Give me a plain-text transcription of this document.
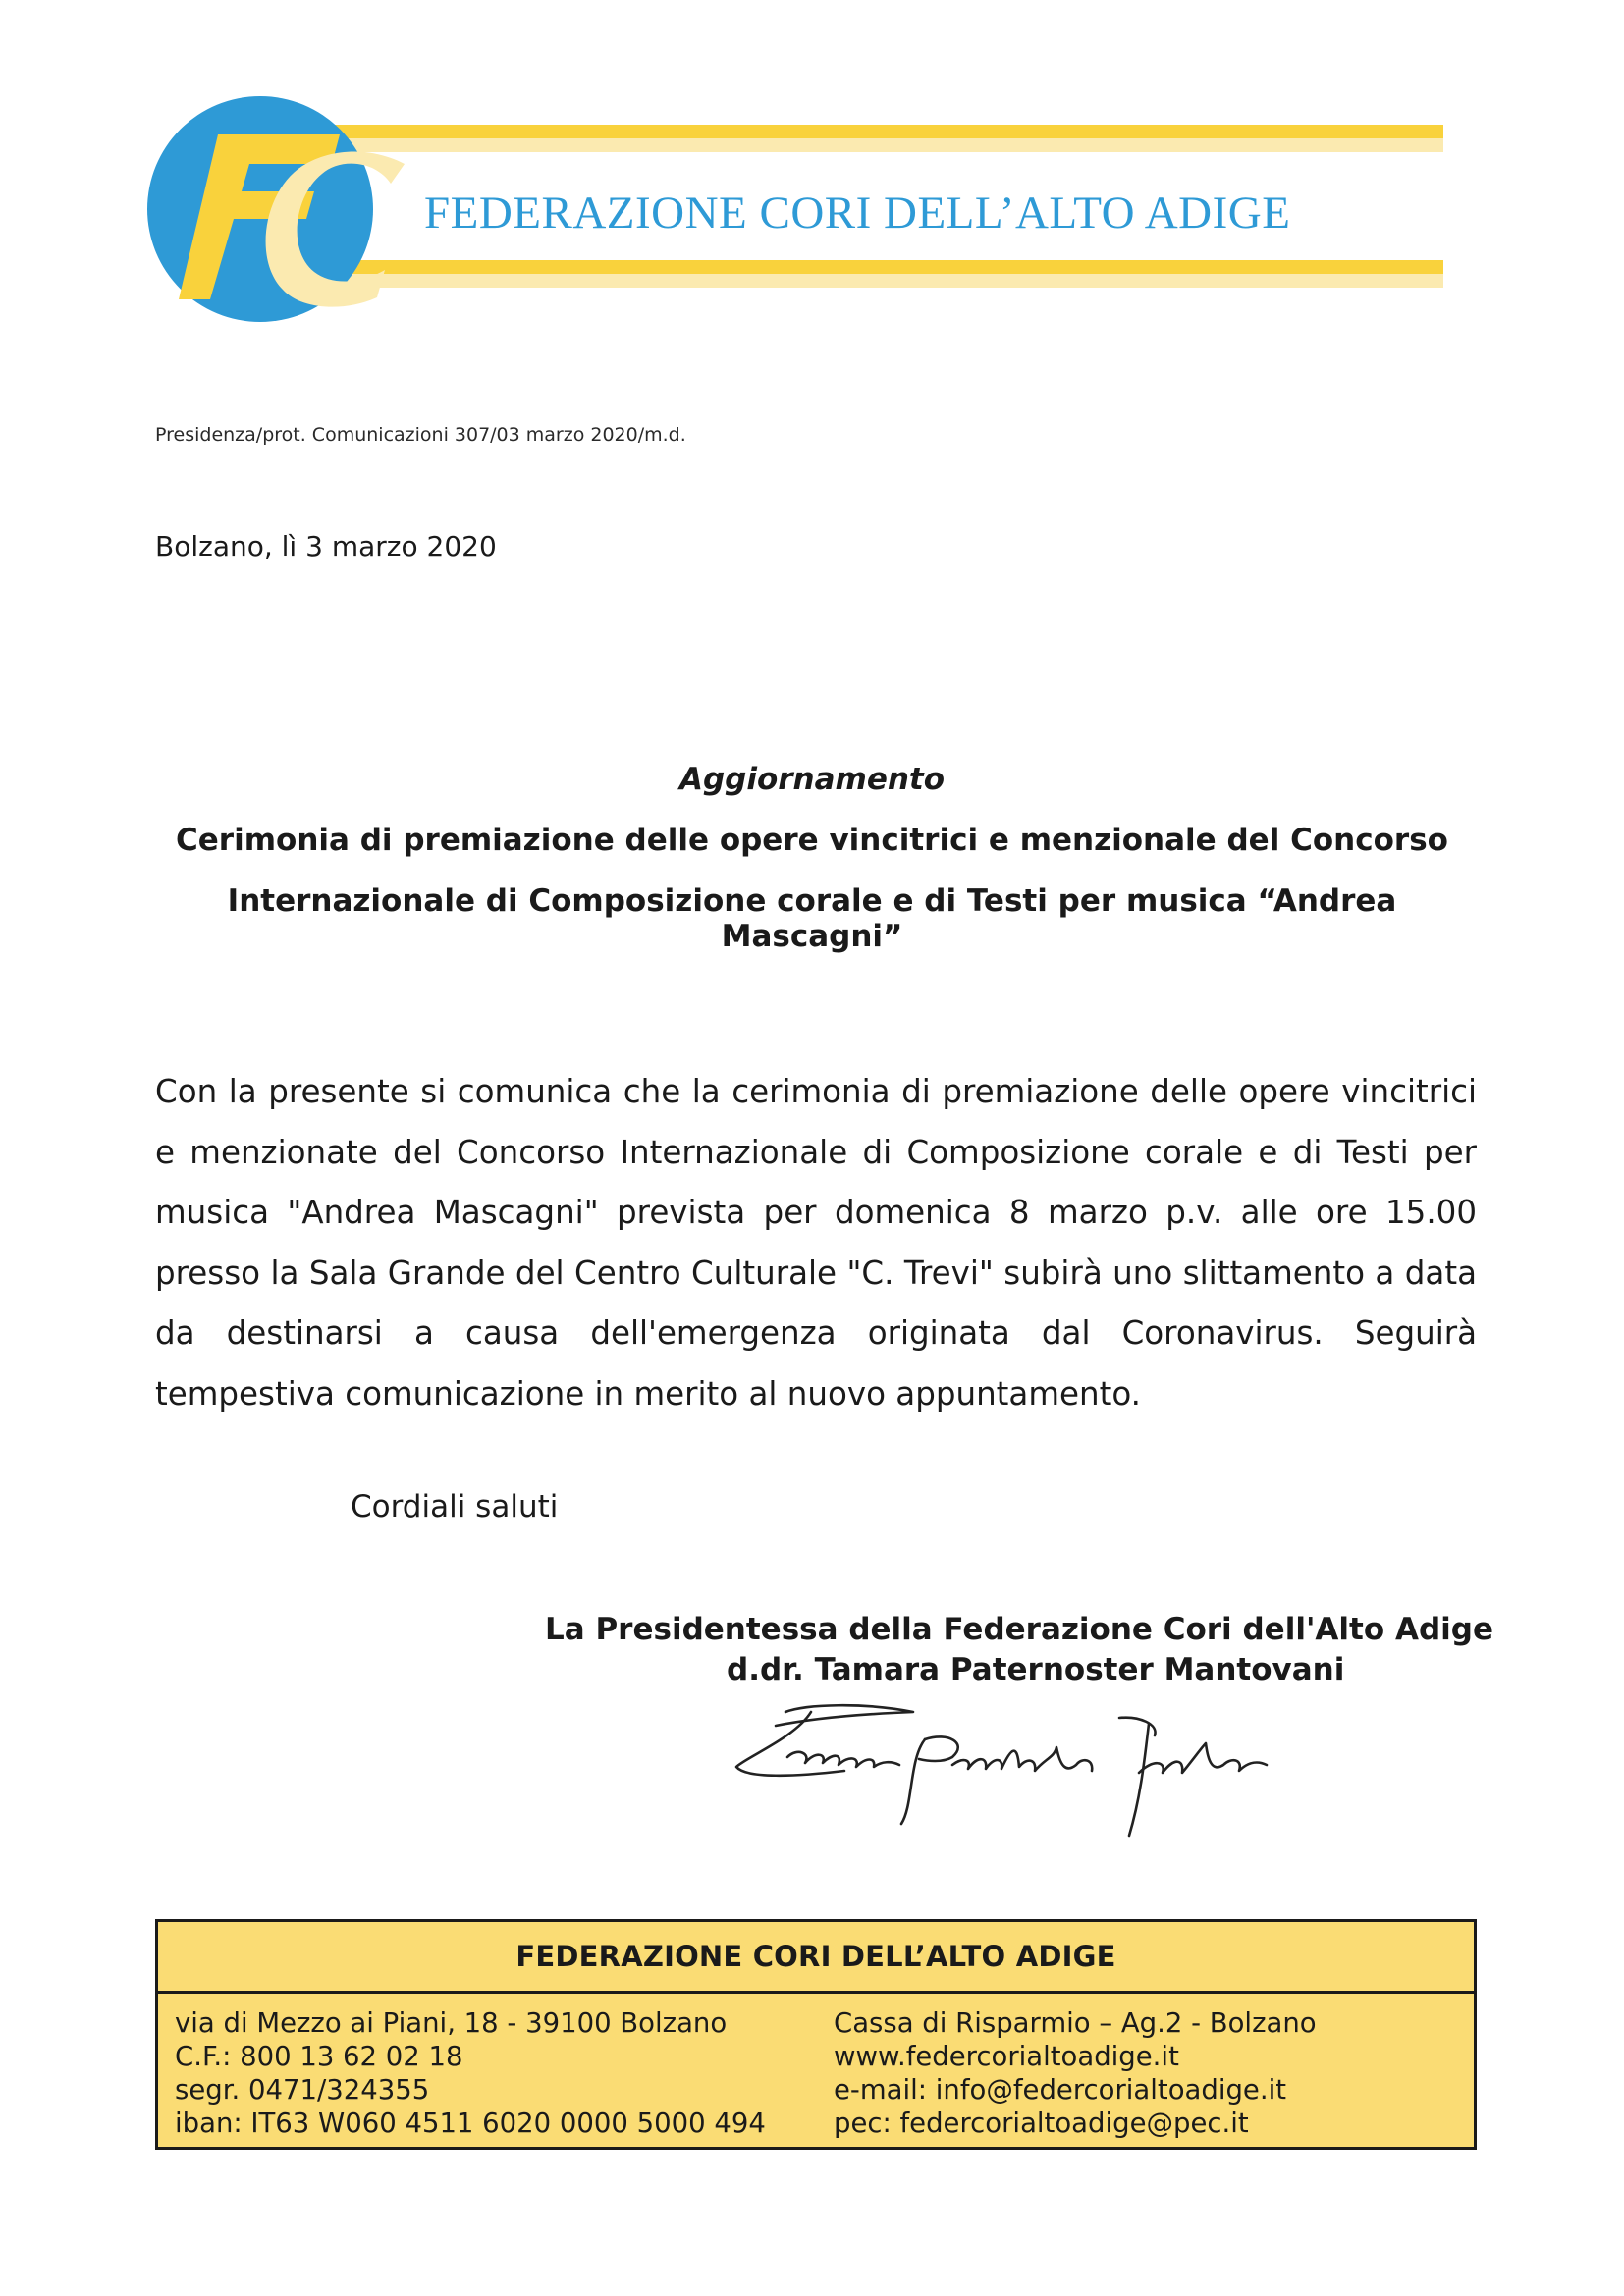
FEDERAZIONE CORI DELL’ALTO ADIGE
Presidenza/prot. Comunicazioni 307/03 marzo 2020/m.d.
Bolzano, lì 3 marzo 2020
Aggiornamento
Cerimonia di premiazione delle opere vincitrici e menzionale del Concorso
Internazionale di Composizione corale e di Testi per musica “Andrea Mascagni”
Con la presente si comunica che la cerimonia di premiazione delle opere vincitrici e menzionate del Concorso Internazionale di Composizione corale e di Testi per musica "Andrea Mascagni" prevista per domenica 8 marzo p.v. alle ore 15.00 presso la Sala Grande del Centro Culturale "C. Trevi" subirà uno slittamento a data da destinarsi a causa dell'emergenza originata dal Coronavirus. Seguirà tempestiva comunicazione in merito al nuovo appuntamento.
Cordiali saluti
La Presidentessa della Federazione Cori dell'Alto Adige
d.dr. Tamara Paternoster Mantovani
FEDERAZIONE CORI DELL’ALTO ADIGE
via di Mezzo ai Piani, 18 - 39100 Bolzano
C.F.: 800 13 62 02 18
segr. 0471/324355
iban: IT63 W060 4511 6020 0000 5000 494
Cassa di Risparmio – Ag.2 - Bolzano
www.federcorialtoadige.it
e-mail: info@federcorialtoadige.it
pec: federcorialtoadige@pec.it
